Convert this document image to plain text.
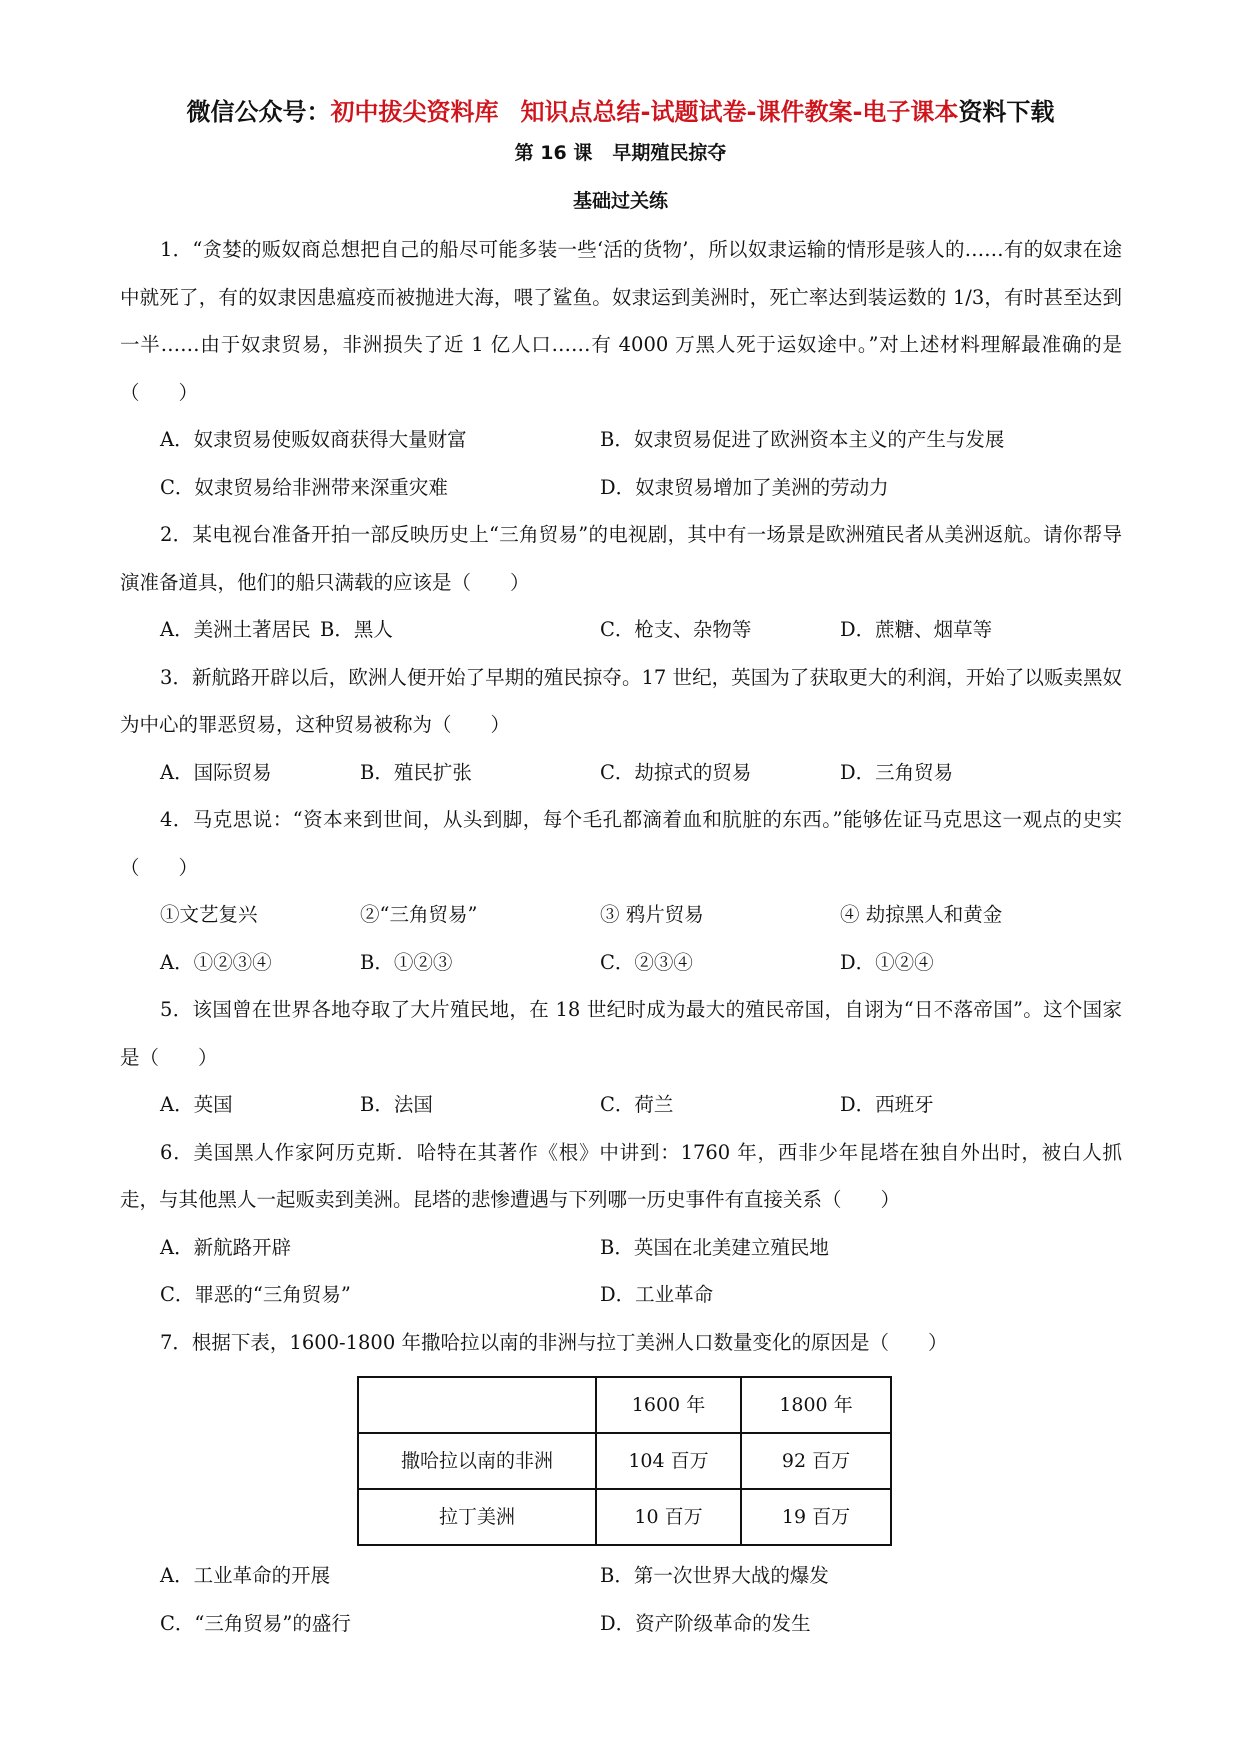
微信公众号：初中拔尖资料库 知识点总结-试题试卷-课件教案-电子课本资料下载
第 16 课 早期殖民掠夺
基础过关练

1．“贪婪的贩奴商总想把自己的船尽可能多装一些‘活的货物’，所以奴隶运输的情形是骇人的……有的奴隶在途中就死了，有的奴隶因患瘟疫而被抛进大海，喂了鲨鱼。奴隶运到美洲时，死亡率达到装运数的 1/3，有时甚至达到一半……由于奴隶贸易，非洲损失了近 1 亿人口……有 4000 万黑人死于运奴途中。”对上述材料理解最准确的是（　　）

A．奴隶贸易使贩奴商获得大量财富	B．奴隶贸易促进了欧洲资本主义的产生与发展
C．奴隶贸易给非洲带来深重灾难	D．奴隶贸易增加了美洲的劳动力

2．某电视台准备开拍一部反映历史上“三角贸易”的电视剧，其中有一场景是欧洲殖民者从美洲返航。请你帮导演准备道具，他们的船只满载的应该是（　　）

A．美洲土著居民 B．黑人	C．枪支、杂物等	D．蔗糖、烟草等

3．新航路开辟以后，欧洲人便开始了早期的殖民掠夺。17 世纪，英国为了获取更大的利润，开始了以贩卖黑奴为中心的罪恶贸易，这种贸易被称为（　　）

A．国际贸易	B．殖民扩张	C．劫掠式的贸易	D．三角贸易

4．马克思说：“资本来到世间，从头到脚，每个毛孔都滴着血和肮脏的东西。”能够佐证马克思这一观点的史实（　　）

①文艺复兴	②“三角贸易”	③ 鸦片贸易	④ 劫掠黑人和黄金
A．①②③④	B．①②③	C．②③④	D．①②④

5．该国曾在世界各地夺取了大片殖民地，在 18 世纪时成为最大的殖民帝国，自诩为“日不落帝国”。这个国家是（　　）

A．英国	B．法国	C．荷兰	D．西班牙

6．美国黑人作家阿历克斯．哈特在其著作《根》中讲到：1760 年，西非少年昆塔在独自外出时，被白人抓走，与其他黑人一起贩卖到美洲。昆塔的悲惨遭遇与下列哪一历史事件有直接关系（　　）

A．新航路开辟	B．英国在北美建立殖民地
C．罪恶的“三角贸易”	D．工业革命

7．根据下表，1600-1800 年撒哈拉以南的非洲与拉丁美洲人口数量变化的原因是（　　）

	1600 年	1800 年
撒哈拉以南的非洲	104 百万	92 百万
拉丁美洲	10 百万	19 百万
A．工业革命的开展	B．第一次世界大战的爆发
C．“三角贸易”的盛行	D．资产阶级革命的发生
